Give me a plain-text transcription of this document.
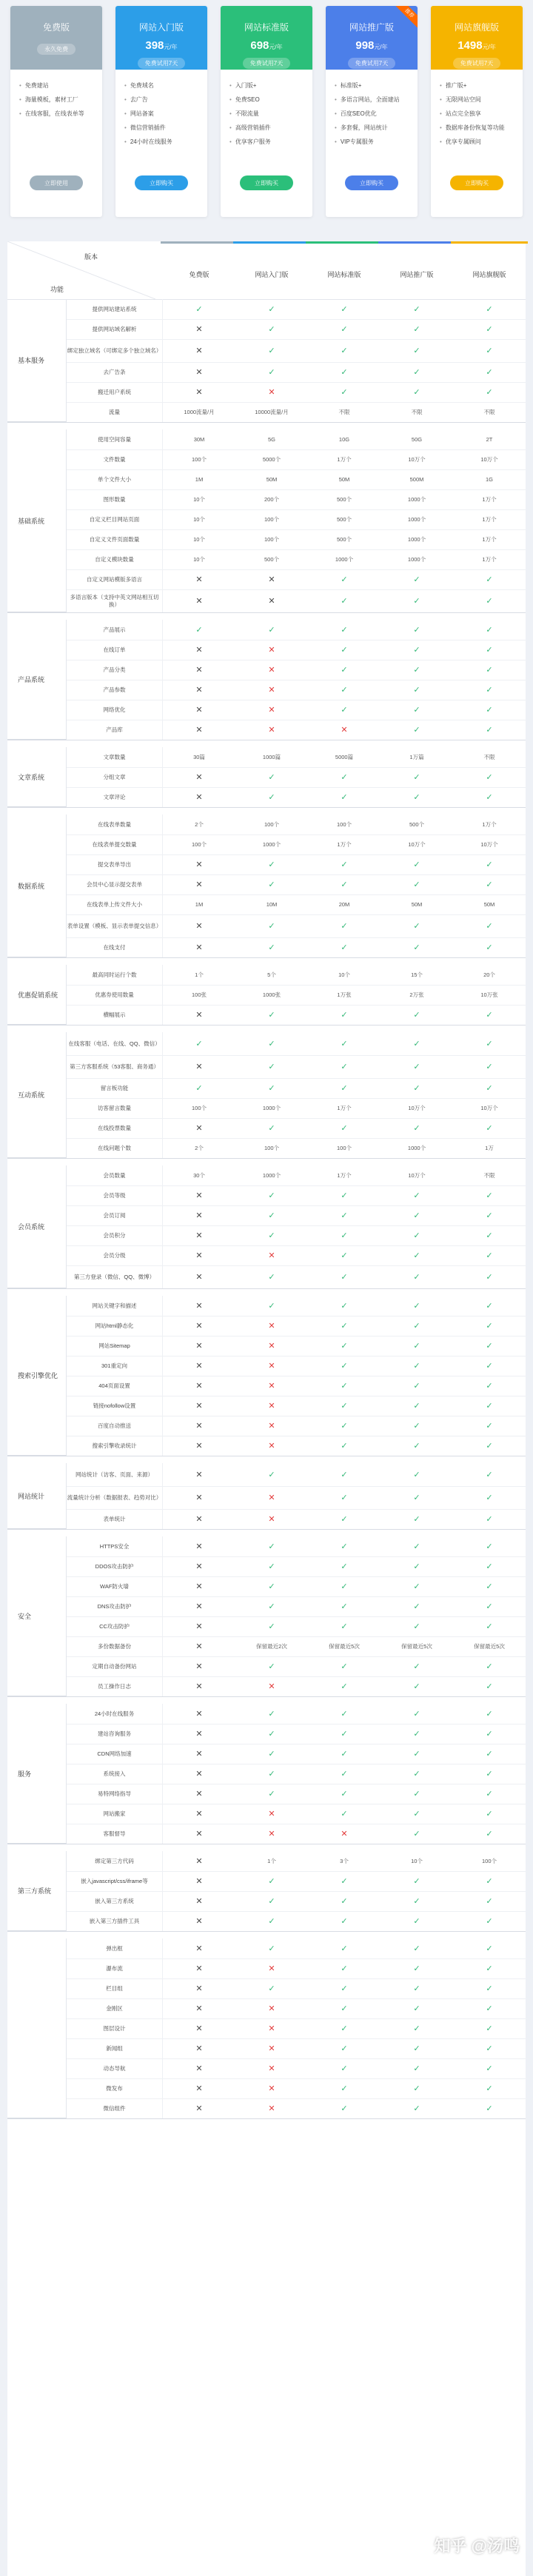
免费版
永久免费
• 免费建站
• 海量模板，素材工厂
• 在线客服，在线表单等
立即使用
网站入门版
398元/年
免费试用7天
• 免费域名
• 去广告
• 网站备案
• 微信营销插件
• 24小时在线服务
立即购买
网站标准版
698元/年
免费试用7天
• 入门版+
• 免费SEO
• 不限流量
• 高级营销插件
• 优享客户服务
立即购买
网站推广版
998元/年
免费试用7天
推荐
• 标准版+
• 多语言网站，全面建站
• 百度SEO优化
• 多套餐，网站统计
• VIP专属服务
立即购买
网站旗舰版
1498元/年
免费试用7天
• 推广版+
• 无限网站空间
• 站点完全独享
• 数据库备份恢复等功能
• 优享专属顾问
立即购买
版本
功能
免费版	网站入门版	网站标准版	网站推广版	网站旗舰版
提供网站建站系统	✓	✓	✓	✓	✓
提供网站域名解析	✕	✓	✓	✓	✓
绑定独立域名（可绑定多个独立域名）	✕	✓	✓	✓	✓
去广告条	✕	✓	✓	✓	✓
搬迁用户系统	✕	✕	✓	✓	✓
流量	1000流量/月	10000流量/月	不限	不限	不限
基本服务
使用空间容量	30M	5G	10G	50G	2T
文件数量	100个	5000个	1万个	10万个	10万个
单个文件大小	1M	50M	50M	500M	1G
图形数量	10个	200个	500个	1000个	1万个
自定义栏目网站页面	10个	100个	500个	1000个	1万个
自定义文件页面数量	10个	100个	500个	1000个	1万个
自定义模块数量	10个	500个	1000个	1000个	1万个
自定义网站模版多语言	✕	✕	✓	✓	✓
多语言版本（支持中英文网站相互切换）	✕	✕	✓	✓	✓
基础系统
产品展示	✓	✓	✓	✓	✓
在线订单	✕	✕	✓	✓	✓
产品分类	✕	✕	✓	✓	✓
产品参数	✕	✕	✓	✓	✓
网络优化	✕	✕	✓	✓	✓
产品库	✕	✕	✕	✓	✓
产品系统
文章数量	30篇	1000篇	5000篇	1万篇	不限
分组文章	✕	✓	✓	✓	✓
文章评论	✕	✓	✓	✓	✓
文章系统
在线表单数量	2个	100个	100个	500个	1万个
在线表单提交数量	100个	1000个	1万个	10万个	10万个
提交表单导出	✕	✓	✓	✓	✓
会员中心显示提交表单	✕	✓	✓	✓	✓
在线表单上传文件大小	1M	10M	20M	50M	50M
表单设置（模板、显示表单提交信息）	✕	✓	✓	✓	✓
在线支付	✕	✓	✓	✓	✓
数据系统
最高同时运行个数	1个	5个	10个	15个	20个
优惠券使用数量	100张	1000张	1万张	2万张	10万张
横幅展示	✕	✓	✓	✓	✓
优惠促销系统
在线客服（电话、在线、QQ、微信）	✓	✓	✓	✓	✓
第三方客服系统（53客服、商务通）	✕	✓	✓	✓	✓
留言板功能	✓	✓	✓	✓	✓
访客留言数量	100个	1000个	1万个	10万个	10万个
在线投票数量	✕	✓	✓	✓	✓
在线问题个数	2个	100个	100个	1000个	1万
互动系统
会员数量	30个	1000个	1万个	10万个	不限
会员等级	✕	✓	✓	✓	✓
会员订阅	✕	✓	✓	✓	✓
会员积分	✕	✓	✓	✓	✓
会员分级	✕	✕	✓	✓	✓
第三方登录（微信、QQ、微博）	✕	✓	✓	✓	✓
会员系统
网站关键字和描述	✕	✓	✓	✓	✓
网站html静态化	✕	✕	✓	✓	✓
网站Sitemap	✕	✕	✓	✓	✓
301重定向	✕	✕	✓	✓	✓
404页面设置	✕	✕	✓	✓	✓
链接nofollow设置	✕	✕	✓	✓	✓
百度自动推送	✕	✕	✓	✓	✓
搜索引擎收录统计	✕	✕	✓	✓	✓
搜索引擎优化
网站统计（访客、页面、来源）	✕	✓	✓	✓	✓
流量统计分析（数据报表、趋势对比）	✕	✕	✓	✓	✓
表单统计	✕	✕	✓	✓	✓
网站统计
HTTPS安全	✕	✓	✓	✓	✓
DDOS攻击防护	✕	✓	✓	✓	✓
WAF防火墙	✕	✓	✓	✓	✓
DNS攻击防护	✕	✓	✓	✓	✓
CC攻击防护	✕	✓	✓	✓	✓
多份数据备份	✕	保留最近2次	保留最近5次	保留最近5次	保留最近5次
定期自动备份网站	✕	✓	✓	✓	✓
员工操作日志	✕	✕	✓	✓	✓
安全
24小时在线服务	✕	✓	✓	✓	✓
建站咨询服务	✕	✓	✓	✓	✓
CDN网络加速	✕	✓	✓	✓	✓
系统接入	✕	✓	✓	✓	✓
易特网络指导	✕	✓	✓	✓	✓
网站搬家	✕	✕	✓	✓	✓
客服督导	✕	✕	✕	✓	✓
服务
绑定第三方代码	✕	1个	3个	10个	100个
嵌入javascript/css/iframe等	✕	✓	✓	✓	✓
嵌入第三方系统	✕	✓	✓	✓	✓
嵌入第三方插件工具	✕	✓	✓	✓	✓
第三方系统
弹出框	✕	✓	✓	✓	✓
瀑布流	✕	✕	✓	✓	✓
栏目组	✕	✓	✓	✓	✓
金刚区	✕	✕	✓	✓	✓
图层设计	✕	✕	✓	✓	✓
新闻组	✕	✕	✓	✓	✓
动态导航	✕	✕	✓	✓	✓
微发布	✕	✕	✓	✓	✓
微信组件	✕	✕	✓	✓	✓
知乎 @汤鸣
